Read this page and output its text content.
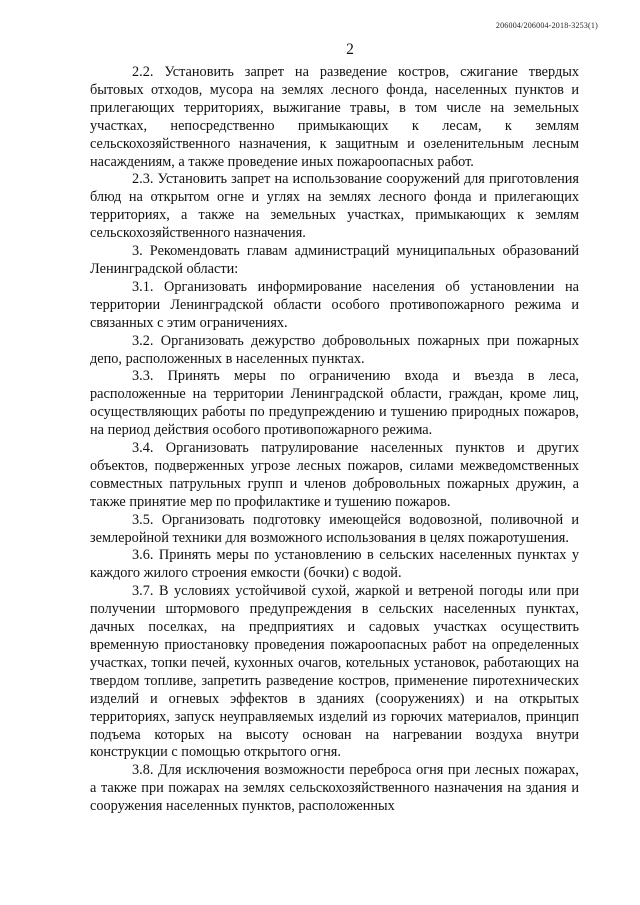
206004/206004-2018-3253(1)
2

2.2. Установить запрет на разведение костров, сжигание твердых бытовых отходов, мусора на землях лесного фонда, населенных пунктов и прилегающих территориях, выжигание травы, в том числе на земельных участках, непосредственно примыкающих к лесам, к землям сельскохозяйственного назначения, к защитным и озеленительным лесным насаждениям, а также проведение иных пожароопасных работ.

2.3. Установить запрет на использование сооружений для приготовления блюд на открытом огне и углях на землях лесного фонда и прилегающих территориях, а также на земельных участках, примыкающих к землям сельскохозяйственного назначения.

3. Рекомендовать главам администраций муниципальных образований Ленинградской области:

3.1. Организовать информирование населения об установлении на территории Ленинградской области особого противопожарного режима и связанных с этим ограничениях.

3.2. Организовать дежурство добровольных пожарных при пожарных депо, расположенных в населенных пунктах.

3.3. Принять меры по ограничению входа и въезда в леса, расположенные на территории Ленинградской области, граждан, кроме лиц, осуществляющих работы по предупреждению и тушению природных пожаров, на период действия особого противопожарного режима.

3.4. Организовать патрулирование населенных пунктов и других объектов, подверженных угрозе лесных пожаров, силами межведомственных совместных патрульных групп и членов добровольных пожарных дружин, а также принятие мер по профилактике и тушению пожаров.

3.5. Организовать подготовку имеющейся водовозной, поливочной и землеройной техники для возможного использования в целях пожаротушения.

3.6. Принять меры по установлению в сельских населенных пунктах у каждого жилого строения емкости (бочки) с водой.

3.7. В условиях устойчивой сухой, жаркой и ветреной погоды или при получении штормового предупреждения в сельских населенных пунктах, дачных поселках, на предприятиях и садовых участках осуществить временную приостановку проведения пожароопасных работ на определенных участках, топки печей, кухонных очагов, котельных установок, работающих на твердом топливе, запретить разведение костров, применение пиротехнических изделий и огневых эффектов в зданиях (сооружениях) и на открытых территориях, запуск неуправляемых изделий из горючих материалов, принцип подъема которых на высоту основан на нагревании воздуха внутри конструкции с помощью открытого огня.

3.8. Для исключения возможности переброса огня при лесных пожарах, а также при пожарах на землях сельскохозяйственного назначения на здания и сооружения населенных пунктов, расположенных
